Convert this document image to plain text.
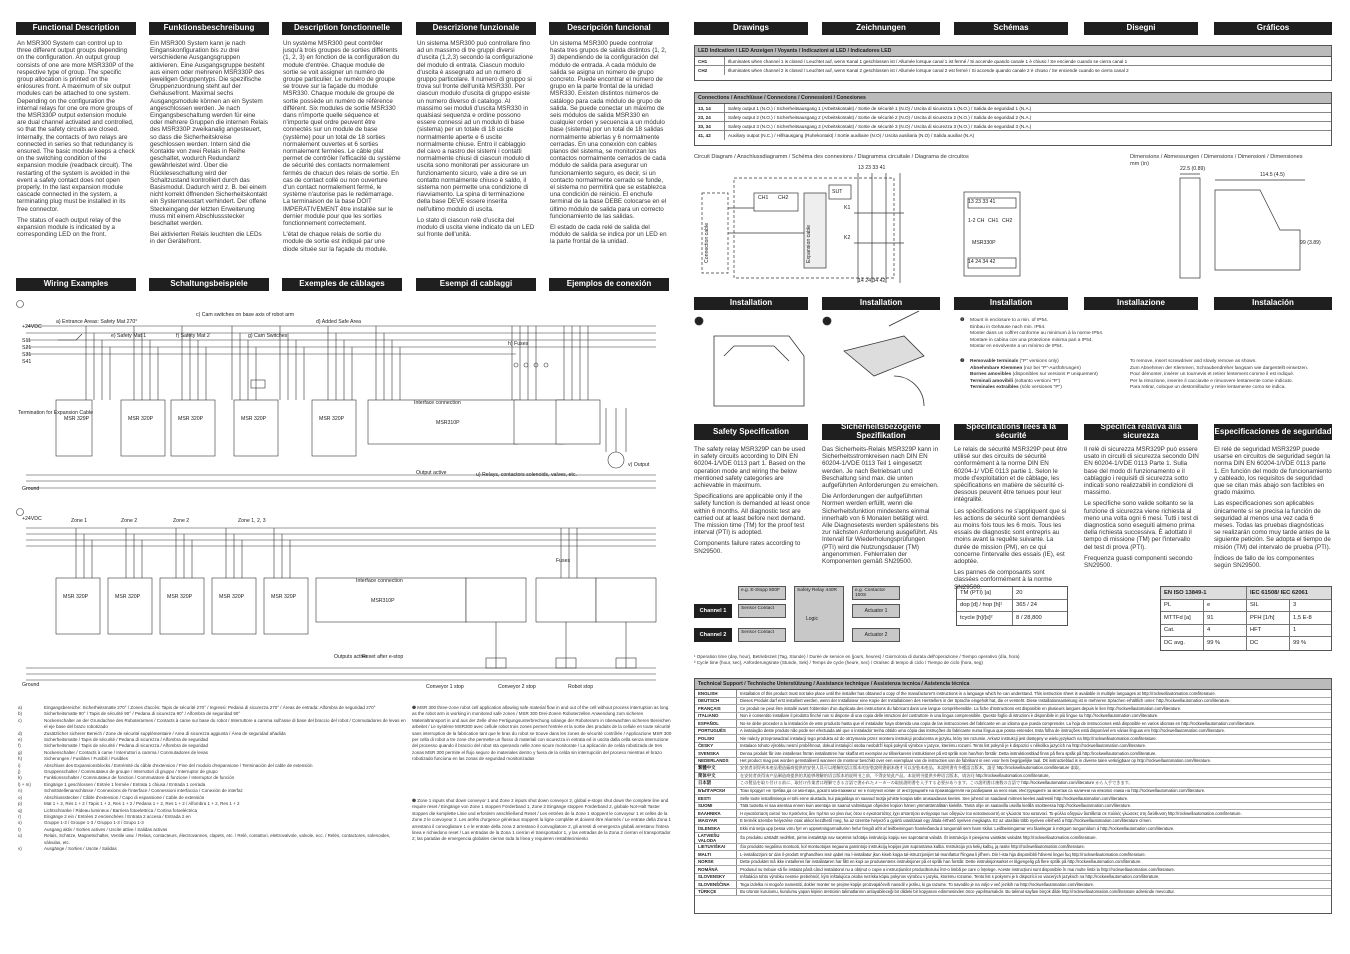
Functional Description	Funktionsbeschreibung	Description fonctionnelle	Descrizione funzionale	Descripción funcional

An MSR300 System can control up to three different output groups depending on the configuration. An output group consists of one are more MSR330P of the respective type of group. The specific group allocation is printed on the enlosures front. A maximum of six output modules can be attached to one system. Depending on the configuration the internal relays for one ore more groups of the MSR330P output extension module are dual channel activated and controlled, so that the safety circuits are closed. Internally, the contacts of two relays are connected in series so that redundancy is ensured. The basic module keeps a check on the switching condition of the expansion module (readback circuit). The restarting of the system is avoided in the event a safety contact does not open properly. In the last expansion module cascade connected in the system, a terminating plug must be installed in its free connector.

The status of each output relay of the expansion module is indicated by a corresponding LED on the front.

Ein MSR300 System kann je nach Einganskonfiguration bis zu drei verschiedene Ausgangsgruppen aktivieren. Eine Ausgangsgruppe besteht aus einem oder mehreren MSR330P des jeweiligen Gruppentyps. Die spezifische Gruppenzuordnung steht auf der Gehäusefront. Maximal sechs Ausgangsmodule können an ein System angeschlossen werden. Je nach Eingangsbeschaltung werden für eine oder mehrere Gruppen die internen Relais des MSR330P zweikanalig angesteuert, so dass die Sicherheitskreise geschlossen werden. Intern sind die Kontakte von zwei Relais in Reihe geschaltet, wodurch Redundanz gewährleistet wird. Über die Rückleseschaltung wird der Schaltzustand kontrolliert durch das Basismodul. Dadurch wird z. B. bei einem nicht korrekt öffnenden Sicherheitskontakt ein Systemneustart verhindert. Der offene Steckeingang der letzten Erweiterung muss mit einem Abschlussstecker beschaltet werden.

Bei aktivierten Relais leuchten die LEDs in der Gerätefront.

Un système MSR300 peut contrôler jusqu'à trois groupes de sorties différents (1, 2, 3) en fonction de la configuration du module d'entrée. Chaque module de sortie se voit assigner un numéro de groupe particulier. Le numéro de groupe se trouve sur la façade du module MSR330. Chaque module de groupe de sortie possède un numéro de référence différent. Six modules de sortie MSR330 dans n'importe quelle séquence et n'importe quel ordre peuvent être connectés sur un module de base (système) pour un total de 18 sorties normalement ouvertes et 6 sorties normalement fermées. Le câble plat permet de contrôler l'efficacité du système de sécurité des contacts normalement fermés de chacun des relais de sortie. En cas de contact collé ou non ouverture d'un contact normalement fermé, le système n'autorise pas le redémarrage. La terminaison de la base DOIT IMPERATIVEMENT être installée sur le dernier module pour que les sorties fonctionnement correctement.

L'état de chaque relais de sortie du module de sortie est indiqué par une diode située sur la façade du module.

Un sistema MSR300 può controllare fino ad un massimo di tre gruppi diversi d'uscita (1,2,3) secondo la configurazione del modulo di entrata. Ciascun modulo d'uscita è assegnato ad un numero di gruppo particolare. Il numero di gruppo si trova sul fronte dell'unità MSR330. Per ciascun modulo d'uscita di gruppo esiste un numero diverso di catalogo. Al massimo sei moduli d'uscita MSR330 in qualsiasi sequenza e ordine possono essere connessi ad un modulo di base (sistema) per un totale di 18 uscite normalmente aperte e 6 uscite normalmente chiuse. Entro il cablaggio del cavo a nastro dei sistemi i contatti normalmente chiusi di ciascun modulo di uscita sono monitorati per assicurare un funzionamento sicuro, vale a dire se un contatto normalmente chiuso è saldo, il sistema non permette una condizione di riavviamento. La spina di terminazione della base DEVE essere inserita nell'ultimo modulo di uscita.

Lo stato di ciascun relè d'uscita del modulo di uscita viene indicato da un LED sul fronte dell'unità.

Un sistema MSR300 puede controlar hasta tres grupos de salida distintos (1, 2, 3) dependiendo de la configuración del módulo de entrada. A cada módulo de salida se asigna un número de grupo concreto. Puede encontrar el número de grupo en la parte frontal de la unidad MSR330. Existen distintos números de catálogo para cada módulo de grupo de salida. Se puede conectar un máximo de seis módulos de salida MSR330 en cualquier orden y secuencia a un módulo base (sistema) por un total de 18 salidas normalmente abiertas y 6 normalmente cerradas. En una conexión con cables planos del sistema, se monitorizan los contactos normalmente cerrados de cada módulo de salida para asegurar un funcionamiento seguro, es decir, si un contacto normalmente cerrado se funde, el sistema no permitirá que se establezca una condición de reinicio. El enchufe terminal de la base DEBE colocarse en el último módulo de salida para un correcto funcionamiento de las salidas.

El estado de cada relé de salida del módulo de salida se indica por un LED en la parte frontal de la unidad.

Wiring Examples	Schaltungsbeispiele	Exemples de câblages	Esempi di cablaggi	Ejemplos de conexión
+24VDC
S11
S21
S31
S41
a) Entrance Areas: Safety Mat 270°	d) Added Safe Area
c) Cam switches on base axis of robot arm
e) Safety Mat 1	f) Safety Mat 2	g) Cam Switches
h) Fuses
Interface connection
Output active	u) Relays, contactors solenoids, valves, etc.
v) Output
Ground
Termination for Expansion Cable
MSR 329P	MSR 320P	MSR 320P	MSR 320P	MSR 320P
MSR310P
+24VDC	Zone 1	Zone 2	Zone 2	Zone 1, 2, 3
Interface connection
Outputs active
Reset after e-stop
Fuses
Conveyor 1 stop	Conveyor 2 stop	Robot stop
Ground
MSR 320P	MSR 320P	MSR 320P	MSR 320P	MSR 320P
MSR310P
a)	Eingangsbereiche: Sicherheitsmatte 270° / Zones d'accès: Tapis de sécurité 270° / Ingressi: Pedana di sicurezza 270° / Áreas de entrada: Alfombra de seguridad 270°
b)	Sicherheitsmatte 90° / Tapis de sécurité 90° / Pedana di sicurezza 90° / Alfombra de seguridad 90°
c)	Nockenschalter an der Grundachse des Roboterarmes / Contacts à came sur base du robot / Interruttore a camma sull'asse di base del braccio del robot / Conmutadores de levas en el eje base del brazo robotizado
d)	Zusätzlicher sicherer Bereich / Zone de sécurité supplémentaire / Area di sicurezza aggiunta / Área de seguridad añadida
e)	Sicherheitsmatte / Tapis de sécurité / Pedana di sicurezza / Alfombra de seguridad
f)	Sicherheitsmatte / Tapis de sécurité / Pedana di sicurezza / Alfombra de seguridad
g)	Nockenschalter / Contacts à came / Interruttori a camma / Conmutadores de levas
h)	Sicherungen / Fusibles / Fusibili / Fusibles
i)	Abschluss des Expansionsblocks / Extrémité du câble d'extension / Fine del modulo d'espansione / Terminación del cable de extensión
j)	Gruppenschalter / Commutateur de groupe / Interruttori di gruppo / Interruptor de grupo
k)	Funktionsschalter / Commutateur de fonction / Commutatore di funzione / Interruptor de función
l) + m)	Eingänge 1 geschlossen / Entrée 1 fermée / Entrata 1 chiusa / Entrada 1 cerrada
n)	Schnittstellenanschlüsse / Connexions de l'interface / Connessioni interfaccia / Conexión de interfaz
o)	Abschlussstecker / Câble d'extension / Capo di espansione / Cable de extensión
p)	Mat 1 + 2, Res 1 + 2 / Tapis 1 + 2, Res 1 + 2 / Pedana 1 + 2, Res 1 + 2 / Alfombra 1 + 2, Res 1 + 2
q)	Lichtschranke / Rideau lumineux / Barriera fotoelettrica / Cortina fotoeléctrica
r)	Eingänge 2 ein / Entrées 2 enclenchées / Entrata 2 accesa / Entrada 2 en
s)	Gruppe 1-3 / Groupe 1-3 / Gruppo 1-3 / Grupo 1-3
t)	Ausgang aktiv / Sorties actives / Uscite attive / Salidas activas
u)	Relais, Schütze, Magnetschalter, Ventile usw. / Relais, contacteurs, électrovannes, clapets, etc. / Relè, contattori, elettrovalvole, valvole, ecc. / Relés, contactores, solenoides, válvulas, etc.
v)	Ausgänge / Sorties / Uscite / Salidas
❶ MSR 300 three-zone robot cell application allowing safe material flow in and out of the cell without process interruption as long as the robot arm is working in monitored safe zones / MSR 300 Drei-Zonen Roboterzellen Anwendung zum sicheren Materialtransport in und aus der Zelle ohne Fertigungsunterbrechung solange der Roboterarm in überwachten sicheren Bereichen arbeitet / Le système MSR300 avec cellule robot trois zones permet l'entrée et la sortie des produits de la cellule en toute sécurité sans interruption de la fabrication tant que le bras du robot se trouve dans les zones de sécurité contrôlée / Applicazione MSR 300 per cella di robot a tre zone che permette un flusso di materiali con sicurezza in entrata ed in uscita dalla cella senza interruzione del processo quando il braccio del robot sta operando nelle zone sicure monitorate / La aplicación de celda robotizada de tres zonas MSR 300 permite el flujo seguro de materiales dentro y fuera de la celda sin interrupción del proceso mientras el brazo robotizado funciona en las zonas de seguridad monitorizadas
❷ Zone 1 inputs shut down conveyor 1 and Zone 2 inputs shut down conveyor 2, global e-stops shut down the complete line and require reset / Eingänge von Zone 1 stoppen Förderband 1, Zone 2 Eingänge stoppen Förderband 2, globale Not-Halt Taster stoppen die komplette Linie und erfordern anschließend Reset / Les entrées de la Zone 1 stoppent le convoyeur 1 et celles de la Zone 2 le convoyeur 2. Les arrêts d'urgence généraux stoppent la ligne complète et doivent être réarmés / Le entrate della Zona 1 arrestano il convogliatore 1 e le entrate della zona 2 arrestano il convogliatore 2, gli arresti di emergenza globali arrestano l'intera linea e richiedono reset / Las entradas de la Zona 1 cierran el transportador 1, y las entradas de la Zona 2 cierran el transportador 2; las paradas de emergencia globales cierran toda la línea y requieren restablecimiento
Drawings	Zeichnungen	Schémas	Disegni	Gráficos
LED Indication / LED Anzeigen / Voyants / Indicazioni ai LED / Indicadores LED
CH1	Illuminates when channel 1 is closed / Leuchtet auf, wenn Kanal 1 geschlossen ist / Allumée lorsque canal 1 ist fermé / Si accende quando canale 1 è chiuso / Se enciende cuando se cierra canal 1
CH2	Illuminates when channel 2 is closed / Leuchtet auf, wenn Kanal 2 geschlossen ist / Allumée lorsque canal 2 est fermé / Si accende quando canale 2 è chiuso / Se enciende cuando se cierra canal 2
Connections / Anschlüsse / Connexions / Connessioni / Conexiones
13, 14	Safety output 1 (N.O.) / Sicherheitsausgang 1 (Arbeitskontakt) / Sortie de sécurité 1 (N.O) / Uscita di sicurezza 1 (N.O.) / Salida de seguridad 1 (N.A.)
23, 24	Safety output 2 (N.O.) / Sicherheitsausgang 2 (Arbeitskontakt) / Sortie de sécurité 2 (N.O) / Uscita di sicurezza 2 (N.O.) / Salida de seguridad 2 (N.A.)
33, 34	Safety output 3 (N.O.) / Sicherheitsausgang 3 (Arbeitskontakt) / Sortie de sécurité 3 (N.O) / Uscita di sicurezza 3 (N.O.) / Salida de seguridad 3 (N.A.)
41, 42	Auxiliary output (N.C.) / Hilfsausgang (Ruhekontakt) / Sortie auxiliaire (N.O) / Uscita ausiliaria (N.O) / Salida auxiliar (N.A)
Circuit Diagram / Anschlussdiagramm / Schéma des connexions / Diagramma circuitale / Diagrama de circuitos
13 23 33 41
14 24 34 42
CH1 CH2
K1
K2
SUT
Connection cable	Expansion cable
Dimensions / Abmessungen / Dimensions / Dimensioni / Dimensiones
mm (in)
13 23 33 41
14 24 34 42
1-2 CH CH1 CH2
MSR330P
22.5 (0.89)
114.5 (4.5)
99 (3.89)
Installation	Installation	Installation	Installazione	Instalación
❶	Mount in enclosure to a min. of IP54.
Einbau in Gehäuse nach min. IP54.
Monter dans un coffret conforme au minimum à la norme IP54.
Montare in cabina con una protezione minima pari a IP54.
Montar en envolvente a un mínimo de IP54.
❷	Removable terminals ("P" versions only)	To remove, insert screwdriver and slowly remove as shown.
Abnehmbare Klemmen (nur bei "P"-Ausführungen)	Zum Abnehmen der Klemmen, Schraubendreher langsam wie dargestellt einsetzen.
Bornes amovibles (disponibles sur versions P uniquement)	Pour démonter, insérer un tournevis et retirer lentement comme il est indiqué.
Terminali amovibili (soltanto versioni "P")	Per la rimozione, inserire il cacciavite e rimuovere lentamente come indicato.
Terminales extraíbles (sólo versiones "P")	Para retirar, coloque un destornillador y retire lentamente como se indica.
Safety Specification	Sicherheitsbezogene Spezifikation
Spécifications liées à la sécurité
Specifica relativa alla sicurezza	Especificaciones de seguridad

The safety relay MSR329P can be used in safety circuits according to DIN EN 60204-1/VDE 0113 part 1. Based on the operation mode and wiring the below mentioned safety categories are achievable in maximum.

Specifications are applicable only if the safety function is demanded at least once within 6 months. All diagnostic test are carried out at least before next demand. The mission time (TM) for the proof test interval (PTI) is adopted.

Components failure rates according to SN29500.

Das Sicherheits-Relais MSR329P kann in Sicherheitsstromkreisen nach DIN EN 60204-1/VDE 0113 Teil 1 eingesetzt werden. Je nach Betriebsart und Beschaltung sind max. die unten aufgeführten Anforderungen zu erreichen.

Die Anforderungen der aufgeführten Normen werden erfüllt, wenn die Sicherheitsfunktion mindestens einmal innerhalb von 6 Monaten betätigt wird. Alle Diagnosetests werden spätestens bis zur nächsten Anforderung ausgeführt. Als Intervall für Wiederholungsprüfungen (PTI) wird die Nutzungsdauer (TM) angenommen. Fehlerraten der Komponenten gemäß SN29500.

Le relais de sécurité MSR329P peut être utilisé sur des circuits de sécurité conformément à la norme DIN EN 60204-1/ VDE 0113 partie 1. Selon le mode d'exploitation et de câblage, les spécifications en matière de sécurité ci-dessous peuvent être tenues pour leur intégralité.

Les spécifications ne s'appliquent que si les actions de sécurité sont demandées au moins fois tous les 6 mois. Tous les essais de diagnostic sont entrepris au moins avant la requête suivante. La durée de mission (PM), en ce qui concerne l'intervalle des essais (IE), est adoptée.

Les pannes de composants sont classées conformément à la norme SN29500.

Il relè di sicurezza MSR329P può essere usato in circuiti di sicurezza secondo DIN EN 60204-1/VDE 0113 Parte 1. Sulla base del modo di funzionamento e il cablaggio i requisiti di sicurezza sotto indicati sono realizzabili in condizioni di massimo.

Le specifiche sono valide soltanto se la funzione di sicurezza viene richiesta al meno una volta ogni 6 mesi. Tutti i test di diagnostica sono eseguiti almeno prima della richiesta successiva. È adottato il tempo di missione (TM) per l'intervallo del test di prova (PTI).

Frequenza guasti componenti secondo SN29500.

El relé de seguridad MSR329P puede usarse en circuitos de seguridad según la norma DIN EN 60204-1/VDE 0113 parte 1. En función del modo de funcionamiento y cableado, los requisitos de seguridad que se citan más abajo son factibles en grado máximo.

Las especificaciones son aplicables únicamente si se precisa la función de seguridad al menos una vez cada 6 meses. Todas las pruebas diagnósticas se realizarán como muy tarde antes de la siguiente petición. Se adopta el tiempo de misión (TM) del intervalo de prueba (PTI).

Índices de fallo de los componentes según SN29500.

Channel 1
Channel 2
e.g. E-Stopp 800F	Safety Relay 440R
Logic
e.g. Contactor 100S
Sensor Contact
Sensor Contact
Actuator 1
Actuator 2
TM (PTI) [a]	20
dop [d] / hop [h]¹	365 / 24
tcycle [h]/[s]²	8 / 28,800
¹ Operation time (day, hour), Betriebszeit (Tag, Stunde) / Durée de service en (jours, heures) / Giorno/ora di durata dell'operazione / Tiempo operativo (día, hora)
² Cycle time (hour, sec), Anforderungsrate (Stunde, Sek) / Temps de cycle (heure, sec) / Ora/sec di tempo di ciclo / Tiempo de ciclo (hora, seg)
EN ISO 13849-1	IEC 61508/ IEC 62061
PL	e	SIL	3
MTTFd [a]	91	PFH [1/h]	1,5 E-8
Cat.	4	HFT	1
DC avg.	99 %	DC	99 %
Technical Support / Technische Unterstützung / Assistance technique / Assistenza tecnica / Asistencia técnica
ENGLISH	Installation of this product must not take place until the installer has obtained a copy of the manufacturer's instructions in a language which he can understand. This instruction sheet is available in multiple languages at http://rockwellautomation.com/literature.
DEUTSCH	Dieses Produkt darf erst installiert werden, wenn der Installateur eine Kopie der Installationen des Herstellers in der Sprache eingeholt hat, die er versteht. Diese Installationsanleitung ist in mehreren Sprachen erhältlich unter: http://rockwellautomation.com/literature.
FRANÇAIS	Ce produit ne peut être installé avant l'obtention d'un duplicata des instructions du fabricant dans une langue compréhensible. La fiche d'instructions est disponible en plusieurs langues depuis le lien http://rockwellautomation.com/literature.
ITALIANO	Non è consentito installare il prodotto finché non si dispone di una copia delle istruzioni del costruttore in una lingua comprensibile. Questo foglio di istruzioni è disponibile in più lingue su http://rockwellautomation.com/literature.
ESPAÑOL	No se debe proceder a la instalación de este producto hasta que el instalador haya obtenido una copia de las instrucciones del fabricante en un idioma que pueda comprender. La hoja de instrucciones está disponible en varios idiomas en http://rockwellautomation.com/literature.
PORTUGUÊS	A instalação deste produto não pode ser efectuada até que o instalador tenha obtido uma cópia das instruções do fabricante numa língua que possa entender. Esta folha de instruções está disponível em várias línguas em http://rockwellautomation.com/literature.
POLSKI	Nie należy przeprowadzać instalacji tego produktu aż do otrzymania przez montera instrukcji producenta w języku, który ten rozumie. Arkusz instrukcji jest dostępny w wielu językach na http://rockwellautomation.com/literature.
ČESKY	Instalace tohoto výrobku nesmí proběhnout, dokud instalující osoba neobdrží kopii pokynů výrobce v jazyce, kterému rozumí. Tento list pokynů je k dispozici v několika jazycích na http://rockwellautomation.com/literature.
SVENSKA	Denna produkt får inte installeras förrän installatören har skaffat ett exemplar av tillverkarens instruktioner på ett språk som han/hon förstår. Detta instruktionsblad finns på flera språk på http://rockwellautomation.com/literature.
NEDERLANDS	Het product mag pas worden geïnstalleerd wanneer de monteur beschikt over een exemplaar van de instructies van de fabrikant in een voor hem begrijpelijke taal. Dit instructieblad is in diverse talen verkrijgbaar op http://rockwellautomation.com/literature.
繁體中文	安裝者須得到本產品製造廠商提供的安裝人員可以理解的語言版本的安裝說明書副本後才可以安裝本產品。本說明書有多種語言版本，請至 http://rockwellautomation.com/literature 索取。
简体中文	在安装者获得该产品制造商提供的其能够理解的语言版本的说明书之前，不得安装此产品。本说明书提供多种语言版本，请访问 http://rockwellautomation.com/literature。
日本語	この製品を取り付ける前に、取付け作業者は理解できる言語で書かれたメーカーの取扱説明書を入手する必要があります。この説明書は複数の言語で http://rockwellautomation.com/literature から入手できます。
БЪЛГАРСКИ	Този продукт не трябва да се монтира, докато монтажникът не е получил копие от инструкциите на производителя на разбираем за него език. Инструкциите за монтаж са налични на няколко езика на http://rockwellautomation.com/literature.
EESTI	Selle toote installimisega ei tohi enne alustada, kui paigaldaja on saanud tootja juhiste koopia talle arusaadavas keeles. See juhend on saadaval mitmes keeles aadressil http://rockwellautomation.com/literature.
SUOMI	Tätä tuotetta ei saa asentaa ennen kuin asentaja on saanut valmistajan ohjeiden kopion hänen ymmärtämällään kielellä. Tämä ohje on saatavilla useilla kielillä osoitteessa http://rockwellautomation.com/literature.
ΕΛΛΗΝΙΚΆ	Η εγκατάσταση αυτού του προϊόντος δεν πρέπει να γίνει έως ότου ο εγκαταστάτης έχει αποκτήσει αντίγραφο των οδηγιών του κατασκευαστή σε γλώσσα που κατανοεί. Το φύλλο οδηγιών διατίθεται σε πολλές γλώσσες στη διεύθυνση http://rockwellautomation.com/literature.
MAGYAR	E termék üzembe helyezése csak akkor kezdhető meg, ha az üzembe helyező a gyártó utasításait egy általa érthető nyelven megkapta. Ez az utasítás több nyelven elérhető a http://rockwellautomation.com/literature címen.
ÍSLENSKA	Ekki má setja upp þessa vöru fyrr en uppsetningarmaðurinn hefur fengið afrit af leiðbeiningum framleiðanda á tungumáli sem hann skilur. Leiðbeiningarnar eru fáanlegar á mörgum tungumálum á http://rockwellautomation.com/literature.
LATVIEŠU VALODA	Šo produktu uzstādīt nedrīkst, pirms instalētājs nav saņēmis ražotāja instrukciju kopiju sev saprotamā valodā. Šī instrukcija ir pieejama vairākās valodās http://rockwellautomation.com/literature.
LIETUVIŠKAI	Šio produkto negalima montuoti, kol montuotojas negauna gamintojo instrukcijų kopijos jam suprantama kalba. Instrukcija yra kelių kalbų, ją rasite http://rockwellautomation.com/literature.
MALTI	L-installazzjoni ta' dan il-prodott m'għandhiex issir qabel ma l-installatur jkun kiseb kopja tal-istruzzjonijiet tal-manifattur f'lingwa li jifhem. Din l-ista hija disponibbli f'diversi lingwi fuq http://rockwellautomation.com/literature.
NORSK	Dette produktet må ikke installeres før installatøren har fått en kopi av produsentens instruksjoner på et språk han forstår. Dette instruksjonsarket er tilgjengelig på flere språk på http://rockwellautomation.com/literature.
ROMÂNĂ	Produsul nu trebuie să fie instalat până când instalatorul nu a obținut o copie a instrucțiunilor producătorului într-o limbă pe care o înțelege. Aceste instrucțiuni sunt disponibile în mai multe limbi la http://rockwellautomation.com/literature.
SLOVENSKY	Inštalácia tohto výrobku nesmie prebehnúť, kým inštalujúca osoba nezíska kópiu pokynov výrobcu v jazyku, ktorému rozumie. Tento list s pokynmi je k dispozícii vo viacerých jazykoch na http://rockwellautomation.com/literature.
SLOVENŠČINA	Tega izdelka ni mogoče namestiti, dokler monter ne prejme kopije proizvajalčevih navodil v jeziku, ki ga razume. To navodilo je na voljo v več jezikih na http://rockwellautomation.com/literature.
TÜRKÇE	Bu ürünün kurulumu, kurulumu yapan kişinin üreticinin talimatlarının anlayabileceği bir dildeki bir kopyasını edinmesinden önce yapılmamalıdır. Bu talimat sayfası birçok dilde http://rockwellautomation.com/literature adresinde mevcuttur.
